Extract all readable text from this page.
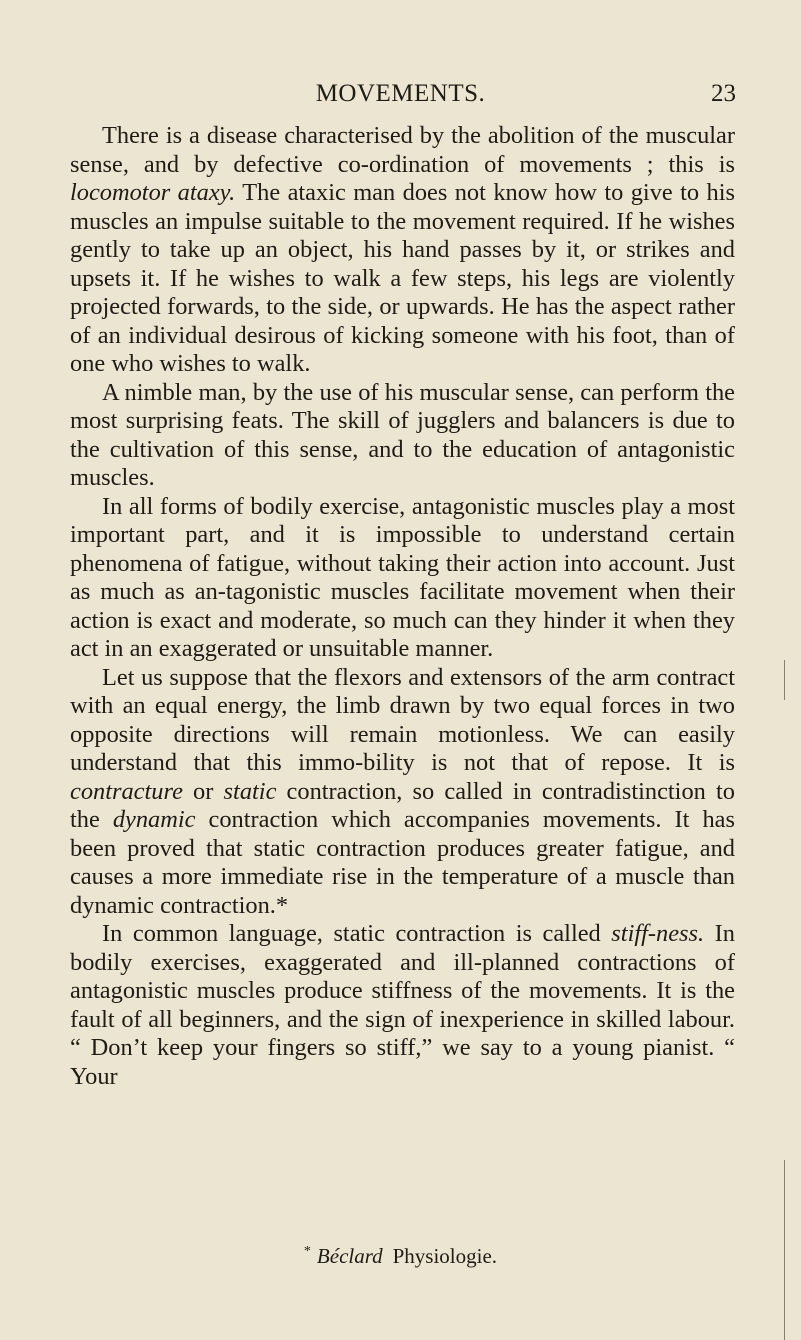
MOVEMENTS.	23

There is a disease characterised by the abolition of the muscular sense, and by defective co-ordination of movements ; this is locomotor ataxy. The ataxic man does not know how to give to his muscles an impulse suitable to the movement required. If he wishes gently to take up an object, his hand passes by it, or strikes and upsets it. If he wishes to walk a few steps, his legs are violently projected forwards, to the side, or upwards. He has the aspect rather of an individual desirous of kicking someone with his foot, than of one who wishes to walk.

A nimble man, by the use of his muscular sense, can perform the most surprising feats. The skill of jugglers and balancers is due to the cultivation of this sense, and to the education of antagonistic muscles.

In all forms of bodily exercise, antagonistic muscles play a most important part, and it is impossible to understand certain phenomena of fatigue, without taking their action into account. Just as much as an-tagonistic muscles facilitate movement when their action is exact and moderate, so much can they hinder it when they act in an exaggerated or unsuitable manner.

Let us suppose that the flexors and extensors of the arm contract with an equal energy, the limb drawn by two equal forces in two opposite directions will remain motionless. We can easily understand that this immo-bility is not that of repose. It is contracture or static contraction, so called in contradistinction to the dynamic contraction which accompanies movements. It has been proved that static contraction produces greater fatigue, and causes a more immediate rise in the temperature of a muscle than dynamic contraction.*

In common language, static contraction is called stiff-ness. In bodily exercises, exaggerated and ill-planned contractions of antagonistic muscles produce stiffness of the movements. It is the fault of all beginners, and the sign of inexperience in skilled labour. “ Don’t keep your fingers so stiff,” we say to a young pianist. “ Your

* Béclard Physiologie.
